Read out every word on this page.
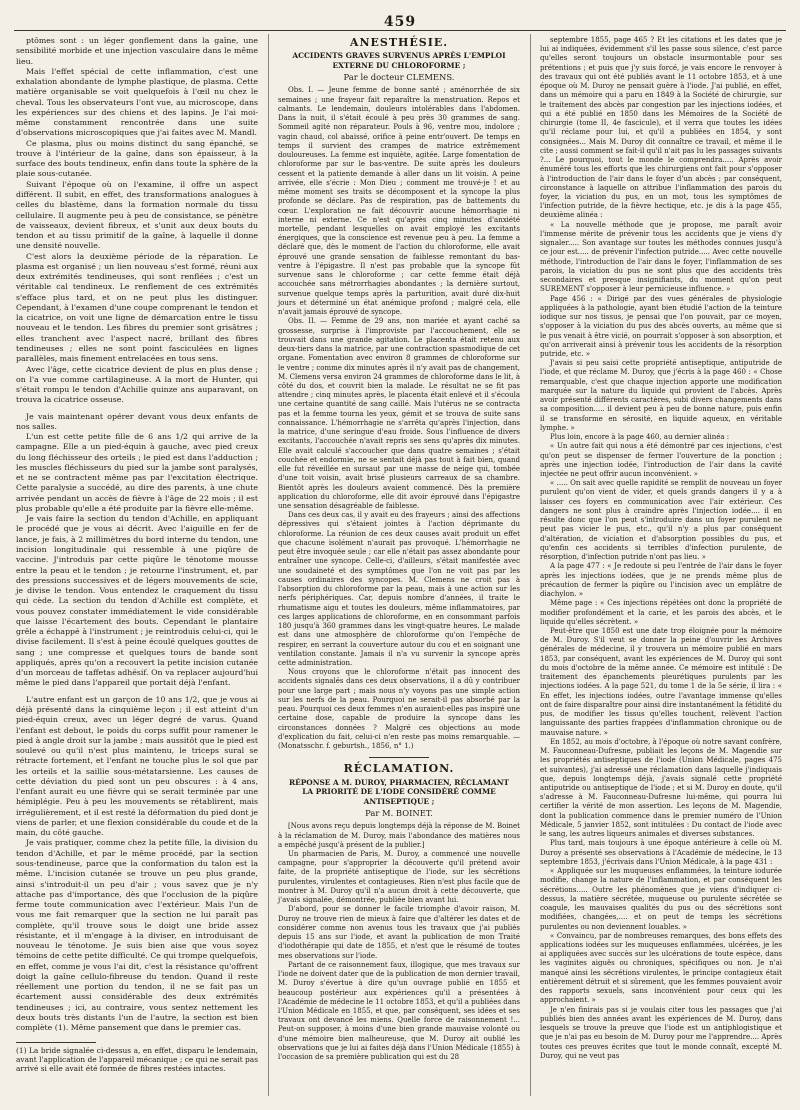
459

ptômes sont : un léger gonflement dans la gaîne, une sensibilité morbide et une injection vasculaire dans le même lieu.

Mais l'effet spécial de cette inflammation, c'est une exhalation abondante de lymphe plastique, de plasma. Cette matière organisable se voit quelquefois à l'œil nu chez le cheval. Tous les observateurs l'ont vue, au microscope, dans les expériences sur des chiens et des lapins. Je l'ai moi-même constamment rencontrée dans une suite d'observations microscopiques que j'ai faites avec M. Mandl.

Ce plasma, plus ou moins distinct du sang épanché, se trouve à l'intérieur de la gaîne, dans son épaisseur, à la surface des bouts tendineux, enfin dans toute la sphère de la plaie sous-cutanée.

Suivant l'époque où on l'examine, il offre un aspect différent. Il subit, en effet, des transformations analogues à celles du blastème, dans la formation normale du tissu cellulaire. Il augmente peu à peu de consistance, se pénètre de vaisseaux, devient fibreux, et s'unit aux deux bouts du tendon et au tissu primitif de la gaîne, à laquelle il donne une densité nouvelle.

C'est alors la deuxième période de la réparation. Le plasma est organisé ; un lien nouveau s'est formé, réuni aux deux extrémités tendineuses, qui sont renflées ; c'est un véritable cal tendineux. Le renflement de ces extrémités s'efface plus tard, et on ne peut plus les distinguer. Cependant, à l'examen d'une coupe comprenant le tendon et la cicatrice, on voit une ligne de démarcation entre le tissu nouveau et le tendon. Les fibres du premier sont grisâtres ; elles tranchent avec l'aspect nacré, brillant des fibres tendineuses ; elles ne sont point fasciculées en lignes parallèles, mais finement entrelacées en tous sens.

Avec l'âge, cette cicatrice devient de plus en plus dense ; on l'a vue comme cartilagineuse. A la mort de Hunter, qui s'était rompu le tendon d'Achille quinze ans auparavant, on trouva la cicatrice osseuse.

Je vais maintenant opérer devant vous deux enfants de nos salles.

L'un est cette petite fille de 6 ans 1/2 qui arrive de la campagne. Elle a un pied-équin à gauche, avec pied creux du long fléchisseur des orteils ; le pied est dans l'adduction ; les muscles fléchisseurs du pied sur la jambe sont paralysés, et ne se contractent même pas par l'excitation électrique. Cette paralysie a succédé, au dire des parents, à une chute arrivée pendant un accès de fièvre à l'âge de 22 mois ; il est plus probable qu'elle a été produite par la fièvre elle-même.

Je vais faire la section du tendon d'Achille, en appliquant le procédé que je vous ai décrit. Avec l'aiguille en fer de lance, je fais, à 2 millimètres du bord interne du tendon, une incision longitudinale qui ressemble à une piqûre de vaccine. J'introduis par cette piqûre le ténotome mousse entre la peau et le tendon ; je retourne l'instrument, et, par des pressions successives et de légers mouvements de scie, je divise le tendon. Vous entendez le craquement du tissu qui cède. La section du tendon d'Achille est complète, et vous pouvez constater immédiatement le vide considérable que laisse l'écartement des bouts. Cependant le plantaire grêle a échappé à l'instrument ; je reintroduis celui-ci, qui le divise facilement. Il s'est à peine écoulé quelques gouttes de sang ; une compresse et quelques tours de bande sont appliqués, après qu'on a recouvert la petite incision cutanée d'un morceau de taffetas adhésif. On va replacer aujourd'hui même le pied dans l'appareil que portait déjà l'enfant.

L'autre enfant est un garçon de 10 ans 1/2, que je vous ai déjà présenté dans la cinquième leçon ; il est atteint d'un pied-équin creux, avec un léger degré de varus. Quand l'enfant est debout, le poids du corps suffit pour ramener le pied à angle droit sur la jambe ; mais aussitôt que le pied est soulevé ou qu'il n'est plus maintenu, le triceps sural se rétracte fortement, et l'enfant ne touche plus le sol que par les orteils et la saillie sous-métatarsienne. Les causes de cette déviation du pied sont un peu obscures : à 4 ans, l'enfant aurait eu une fièvre qui se serait terminée par une hémiplégie. Peu à peu les mouvements se rétablirent, mais irrégulièrement, et il est resté la déformation du pied dont je viens de parler, et une flexion considérable du coude et de la main, du côté gauche.

Je vais pratiquer, comme chez la petite fille, la division du tendon d'Achille, et par le même procédé, par la section sous-tendineuse, parce que la conformation du talon est la même. L'incision cutanée se trouve un peu plus grande, ainsi s'introduit-il un peu d'air ; vous savez que je n'y attache pas d'importance, dès que l'occlusion de la piqûre ferme toute communication avec l'extérieur. Mais l'un de vous me fait remarquer que la section ne lui paraît pas complète, qu'il trouve sous le doigt une bride assez résistante, et il m'engage à la diviser, en introduisant de nouveau le ténotome. Je suis bien aise que vous soyez témoins de cette petite difficulté. Ce qui trompe quelquefois, en effet, comme je vous l'ai dit, c'est la résistance qu'offrent doigt la gaîne cellulo-fibreuse du tendon. Quand il reste réellement une portion du tendon, il ne se fait pas un écartement aussi considérable des deux extrémités tendineuses ; ici, au contraire, vous sentez nettement les deux bouts très distants l'un de l'autre, la section est bien complète (1). Même pansement que dans le premier cas.

(1) La bride signalée ci-dessus a, en effet, disparu le lendemain, avant l'application de l'appareil mécanique ; ce qui ne serait pas arrivé si elle avait été formée de fibres restées intactes.
ANESTHÉSIE.
ACCIDENTS GRAVES SURVENUS APRÈS L'EMPLOI EXTERNE DU CHLOROFORME ;
Par le docteur CLEMENS.

Obs. I. — Jeune femme de bonne santé ; aménorrhée de six semaines ; une frayeur fait reparaître la menstruation. Repos et calmants. Le lendemain, douleurs intolérables dans l'abdomen. Dans la nuit, il s'était écoulé à peu près 30 grammes de sang. Sommeil agité non réparateur. Pouls à 96, ventre mou, indolore ; vagin chaud, col abaissé, orifice à peine entr'ouvert. De temps en temps il survient des crampes de matrice extrêmement douloureuses. La femme est inquiète, agitée. Large fomentation de chloroforme par sur le bas-ventre. De suite après les douleurs cessent et la patiente demande à aller dans un lit voisin. A peine arrivée, elle s'écrie : Mon Dieu ; comment me trouvé-je ! et au même moment ses traits se décomposent et la syncope la plus profonde se déclare. Pas de respiration, pas de battements du cœur. L'exploration ne fait découvrir aucune hémorrhagie ni interne ni externe. Ce n'est qu'après cinq minutes d'anxiété mortelle, pendant lesquelles on avait employé les excitants énergiques, que la conscience est revenue peu à peu. La femme a déclaré que, dès le moment de l'action du chloroforme, elle avait éprouvé une grande sensation de faiblesse remontant du bas-ventre à l'épigastre. Il n'est pas probable que la syncope fût survenue sans le chloroforme ; car cette femme était déjà accouchée sans métrorrhagies abondantes ; la dernière surtout, survenue quelque temps après la parturition, avait duré dix-huit jours et déterminé un état anémique profond ; malgré cela, elle n'avait jamais éprouvé de syncope.

Obs. II. — Femme de 29 ans, non mariée et ayant caché sa grossesse, surprise à l'improviste par l'accouchement, elle se trouvait dans une grande agitation. Le placenta était retenu aux deux-tiers dans la matrice, par une contraction spasmodique de cet organe. Fomentation avec environ 8 grammes de chloroforme sur le ventre ; comme dix minutes après il n'y avait pas de changement, M. Clemens versa environ 24 grammes de chloroforme dans le lit, à côté du dos, et couvrit bien la malade. Le résultat ne se fit pas attendre ; cinq minutes après, le placenta était enlevé et il s'écoula une certaine quantité de sang caillé. Mais l'utérus ne se contracta pas et la femme tourna les yeux, gémit et se trouva de suite sans connaissance. L'hémorrhagie ne s'arrêta qu'après l'injection, dans la matrice, d'une seringue d'eau froide. Sous l'influence de divers excitants, l'accouchée n'avait repris ses sens qu'après dix minutes. Elle avait calculé s'accoucher que dans quatre semaines ; s'était couchée et endormie, ne se sentait déjà pas tout à fait bien, quand elle fut réveillée en sursaut par une masse de neige qui, tombée d'une toit voisin, avait brisé plusieurs carreaux de sa chambre. Bientôt après les douleurs avaient commencé. Dès la première application du chloroforme, elle dit avoir éprouvé dans l'épigastre une sensation désagréable de faiblesse.

Dans ces deux cas, il y avait eu des frayeurs ; ainsi des affections dépressives qui s'étaient jointes à l'action déprimante du chloroforme. La réunion de ces deux causes avait produit un effet que chacune isolément n'aurait pas provoqué. L'hémorrhagie ne peut être invoquée seule ; car elle n'était pas assez abondante pour entraîner une syncope. Celle-ci, d'ailleurs, s'était manifestée avec une soudaineté et des symptômes que l'on ne voit pas par les causes ordinaires des syncopes. M. Clemens ne croit pas à l'absorption du chloroforme par la peau, mais à une action sur les nerfs périphériques. Car, depuis nombre d'années, il traite le rhumatisme aigu et toutes les douleurs, même inflammatoires, par ces larges applications de chloroforme, en en consommant parfois 180 jusqu'à 360 grammes dans les vingt-quatre heures. Le malade est dans une atmosphère de chloroforme qu'on l'empêche de respirer, en serrant la couverture autour du cou et en soignant une ventilation constante. Jamais il n'a vu survenir la syncope après cette administration.

Nous croyons que le chloroforme n'était pas innocent des accidents signalés dans ces deux observations, il a dû y contribuer pour une large part ; mais nous n'y voyons pas une simple action sur les nerfs de la peau. Pourquoi ne serait-il pas absorbé par la peau. Pourquoi ces deux femmes n'en auraient-elles pas inspiré une certaine dose, capable de produire la syncope dans les circonstances données ? Malgré ces objections au mode d'explication du fait, celui-ci n'en reste pas moins remarquable. — (Monatsschr. f. geburtsh., 1856, n° 1.)

RÉCLAMATION.
RÉPONSE A M. DUROY, PHARMACIEN, RÉCLAMANT LA PRIORITÉ DE L'IODE CONSIDÉRÉ COMME ANTISEPTIQUE ;
Par M. BOINET.

[Nous avons reçu depuis longtemps déjà la réponse de M. Boinet à la réclamation de M. Duroy, mais l'abondance des matières nous a empêché jusqu'à présent de la publier.]

Un pharmacien de Paris, M. Duroy, a commencé une nouvelle campagne, pour s'approprier la découverte qu'il prétend avoir faite, de la propriété antiseptique de l'iode, sur les sécrétions purulentes, virulentes et contagieuses. Rien n'est plus facile que de montrer à M. Duroy qu'il n'a aucun droit à cette découverte, que j'avais signalée, démontrée, publiée bien avant lui.

D'abord, pour se donner le facile triomphe d'avoir raison, M. Duroy ne trouve rien de mieux à faire que d'altérer les dates et de considérer comme non avenus tous les travaux que j'ai publiés depuis 15 ans sur l'iode, et avant la publication de mon Traité d'iodothérapie qui date de 1855, et n'est que le résumé de toutes mes observations sur l'iode.

Partant de ce raisonnement faux, illogique, que mes travaux sur l'iode ne doivent dater que de la publication de mon dernier travail, M. Duroy s'évertue à dire qu'un ouvrage publié en 1855 et beaucoup postérieur aux expériences qu'il a présentées à l'Académie de médecine le 11 octobre 1853, et qu'il a publiées dans l'Union Médicale en 1855, et que, par conséquent, ses idées et ses travaux ont devancé les miens. Quelle force de raisonnement !... Peut-on supposer, à moins d'une bien grande mauvaise volonté ou d'une mémoire bien malheureuse, que M. Duroy ait oublié les observations que je lui ai faites déjà dans l'Union Médicale (1855) à l'occasion de sa première publication qui est du 28

septembre 1855, page 465 ? Et les citations et les dates que je lui ai indiquées, évidemment s'il les passe sous silence, c'est parce qu'elles seront toujours un obstacle insurmontable pour ses prétentions ; et puis que j'y suis forcé, je vais encore le renvoyer à des travaux qui ont été publiés avant le 11 octobre 1853, et à une époque où M. Duroy ne pensait guère à l'iode. J'ai publié, en effet, dans un mémoire qui a paru en 1849 à la Société de chirurgie, sur le traitement des abcès par congestion par les injections iodées, et qui a été publié en 1850 dans les Mémoires de la Société de chirurgie (tome II, 4e fascicule), et il verra que toutes les idées qu'il réclame pour lui, et qu'il a publiées en 1854, y sont consignées... Mais M. Duroy dit connaître ce travail, et même il le cite ; aussi comment se fait-il qu'il n'ait pas lu les passages suivants ?... Le pourquoi, tout le monde le comprendra..... Après avoir énuméré tous les efforts que les chirurgiens ont fait pour s'opposer à l'introduction de l'air dans le foyer d'un abcès ; par conséquent, circonstance à laquelle on attribue l'inflammation des parois du foyer, la viciation du pus, en un mot, tous les symptômes de l'infection putride, de la fièvre hectique, etc. je dis à la page 455, deuxième alinéa :

« La nouvelle méthode que je propose, me paraît avoir l'immense mérite de prévenir tous les accidents que je viens d'y signaler..... Son avantage sur toutes les méthodes connues jusqu'à ce jour est..... de prévenir l'infection putride..... Avec cette nouvelle méthode, l'introduction de l'air dans le foyer, l'inflammation de ses parois, la viciation du pus ne sont plus que des accidents très secondaires et presque insignifiants, du moment qu'on peut SUREMENT s'opposer à leur pernicieuse influence. »

Page 456 : « Dirigé par des vues générales de physiologie appliquées à la pathologie, ayant bien étudié l'action de la teinture iodique sur nos tissus, je pensai que l'on pouvait, par ce moyen, s'opposer à la viciation du pus des abcès ouverts, au même que si le pus venait à être vicié, on pourrait s'opposer à son absorption, et qu'on arriverait ainsi à prévenir tous les accidents de la résorption putride, etc. »

J'avais si peu saisi cette propriété antiseptique, antiputride de l'iode, et que réclame M. Duroy, que j'écris à la page 460 : « Chose remarquable, c'est que chaque injection apporte une modification marquée sur la nature du liquide qui provient de l'abcès. Après avoir présenté différents caractères, subi divers changements dans sa composition..... il devient peu à peu de bonne nature, puis enfin il se transforme en sérosité, en liquide aqueux, en véritable lymphe. »

Plus loin, encore à la page 460, au dernier alinéa :

« Un autre fait qui nous a été démontré par ces injections, c'est qu'on peut se dispenser de fermer l'ouverture de la ponction ; après une injection iodée, l'introduction de l'air dans la cavité injectée ne peut offrir aucun inconvénient. »

« ..... On sait avec quelle rapidité se remplit de nouveau un foyer purulent qu'on vient de vider, et quels grands dangers il y a à laisser ces foyers en communication avec l'air extérieur. Ces dangers ne sont plus à craindre après l'injection iodée.... il en résulte donc que l'on peut s'introduire dans un foyer purulent ne peut pas vicier le pus, etc., qu'il n'y a plus par conséquent d'altération, de viciation et d'absorption possibles du pus, et qu'enfin ces accidents si terribles d'infection purulente, de résorption, d'infection putride n'ont pas lieu. »

A la page 477 : « Je redoute si peu l'entrée de l'air dans le foyer après les injections iodées, que je ne prends même plus de précaution de fermer la piqûre ou l'incision avec un emplâtre de diachylon. »

Même page : « Ces injections répétées ont donc la propriété de modifier profondément et la carie, et les parois des abcès, et le liquide qu'elles sécrètent. »

Peut-être que 1850 est une date trop éloignée pour la mémoire de M. Duroy. S'il veut se donner la peine d'ouvrir les Archives générales de médecine, il y trouvera un mémoire publié en mars 1853, par conséquent, avant les expériences de M. Duroy qui sont du mois d'octobre de la même année. Ce mémoire est intitulé : De traitement des épanchements pleurétiques purulents par les injections iodées. A la page 521, du tome 1 de la 5e série, il lira : « En effet, les injections iodées, outre l'avantage immense qu'elles ont de faire disparaître pour ainsi dire instantanément la fétidité du pus, de modifier les tissus qu'elles touchent, relèvent l'action languissante des parties frappées d'inflammation chronique ou de mauvaise nature. »

En 1852, au mois d'octobre, à l'époque où notre savant confrère, M. Fauconneau-Dufresne, publiait les leçons de M. Magendie sur les propriétés antiseptiques de l'iode (Union Médicale, pages 475 et suivantes), j'ai adressé une réclamation dans laquelle j'indiquais que, depuis longtemps déjà, j'avais signalé cette propriété antiputride ou antiseptique de l'iode ; et si M. Duroy en doute, qu'il s'adresse à M. Fauconneau-Dufresne lui-même, qui pourra lui certifier la vérité de mon assertion. Les leçons de M. Magendie, dont la publication commence dans le premier numéro de l'Union Médicale, 5 janvier 1852, sont intitulées : Du contact de l'iode avec le sang, les autres liqueurs animales et diverses substances.

Plus tard, mais toujours à une époque antérieure à celle où M. Duroy a présenté ses observations à l'Académie de médecine, le 13 septembre 1853, j'écrivais dans l'Union Médicale, à la page 431 :

« Appliquée sur les muqueuses enflammées, la teinture iodurée modifie, change la nature de l'inflammation, et par conséquent les sécrétions..... Outre les phénomènes que je viens d'indiquer ci-dessus, la matière sécrétée, muqueuse ou purulente sécrétée se coagule, les mauvaises qualités du pus ou des sécrétions sont modifiées, changées,.... et on peut de temps les sécrétions purulentes ou non deviennent louables. »

« Convaincu, par de nombreuses remarques, des bons effets des applications iodées sur les muqueuses enflammées, ulcérées, je les ai appliquées avec succès sur les ulcérations de toute espèce, dans les vaginites aiguës ou chroniques, spécifiques ou non. Je n'ai manqué ainsi les sécrétions virulentes, le principe contagieux était entièrement détruit et si sûrement, que les femmes pouvaient avoir des rapports sexuels, sans inconvénient pour ceux qui les approchaient. »

Je n'en finirais pas si je voulais citer tous les passages que j'ai publiés bien des années avant les expériences de M. Duroy, dans lesquels se trouve la preuve que l'iode est un antiphlogistique et que je n'ai pas eu besoin de M. Duroy pour me l'apprendre.... Après toutes ces preuves écrites que tout le monde connaît, excepté M. Duroy, qui ne veut pas
